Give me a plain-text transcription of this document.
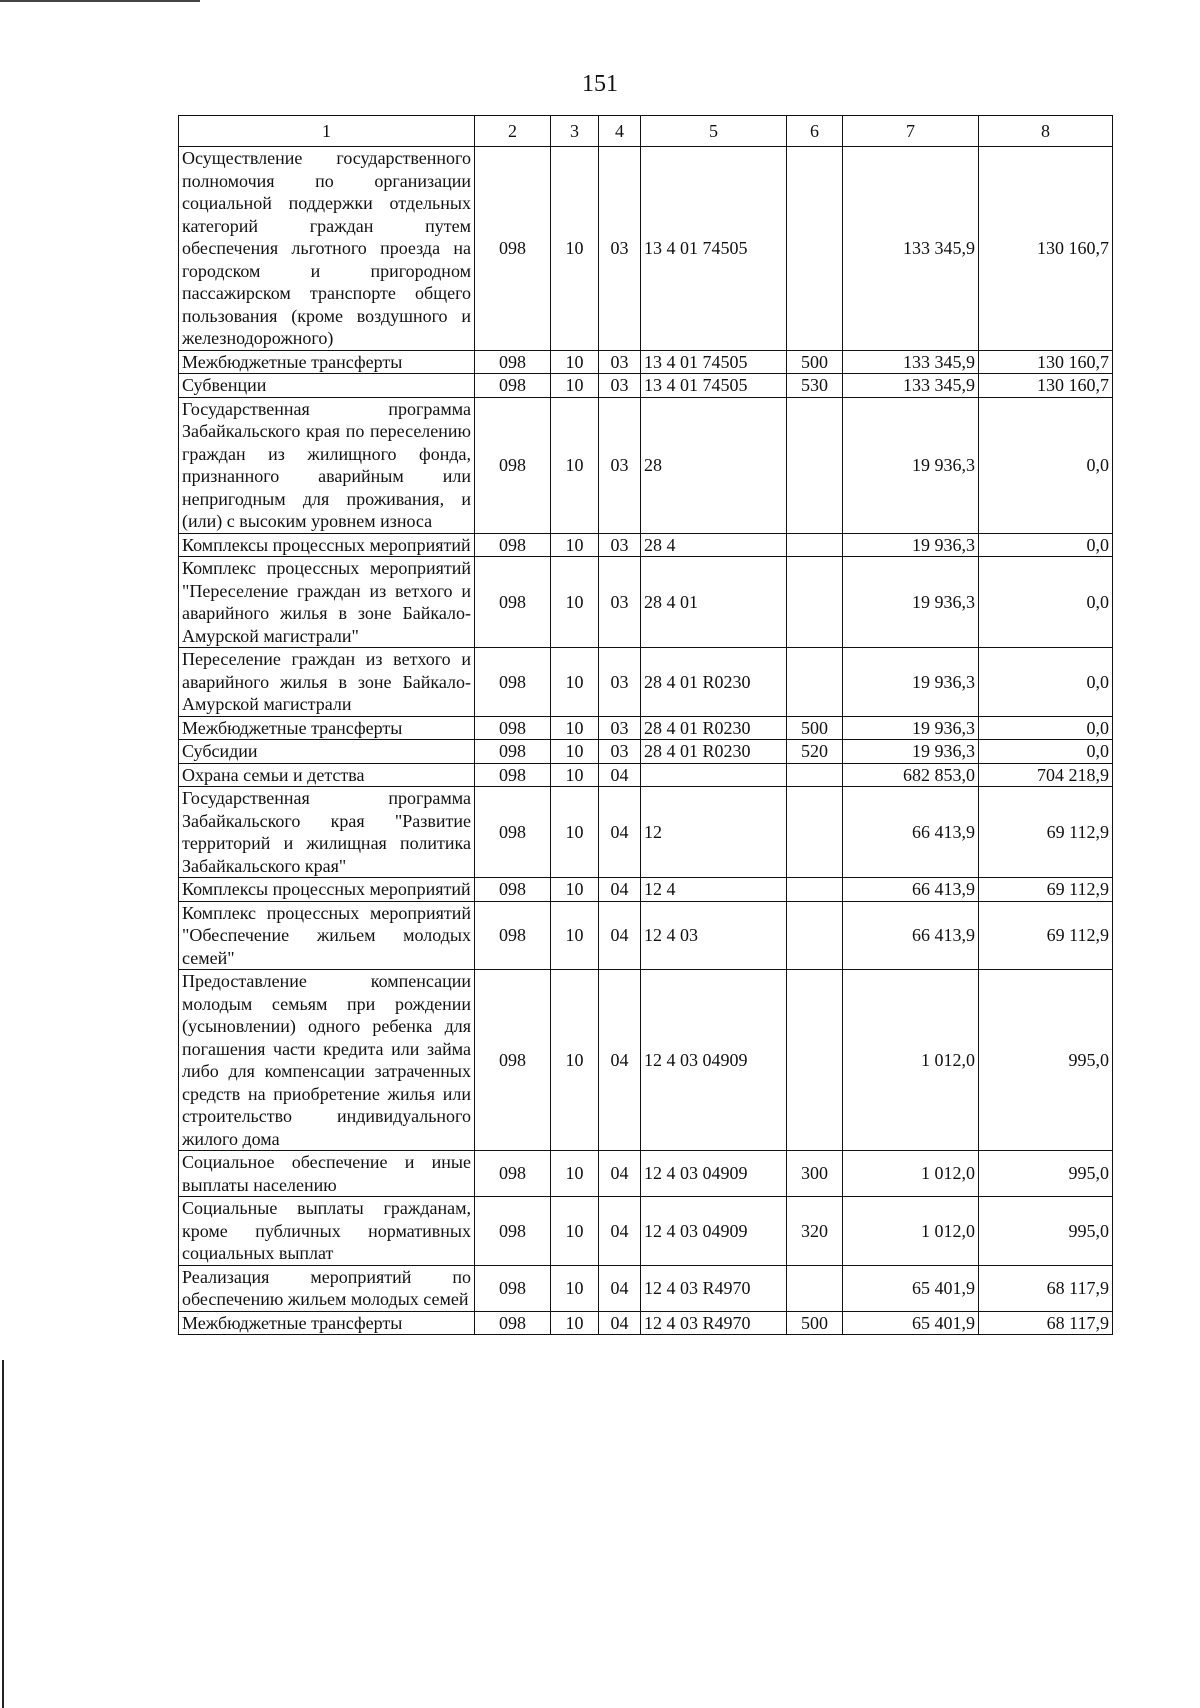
151
1	2	3	4	5	6	7	8
Осуществление государственного полномочия по организации социальной поддержки отдельных категорий граждан путем обеспечения льготного проезда на городском и пригородном пассажирском транспорте общего пользования (кроме воздушного и железнодорожного)	098	10	03	13 4 01 74505		133 345,9	130 160,7
Межбюджетные трансферты	098	10	03	13 4 01 74505	500	133 345,9	130 160,7
Субвенции	098	10	03	13 4 01 74505	530	133 345,9	130 160,7
Государственная программа Забайкальского края по переселению граждан из жилищного фонда, признанного аварийным или непригодным для проживания, и (или) с высоким уровнем износа	098	10	03	28		19 936,3	0,0
Комплексы процессных мероприятий	098	10	03	28 4		19 936,3	0,0
Комплекс процессных мероприятий "Переселение граждан из ветхого и аварийного жилья в зоне Байкало-Амурской магистрали"	098	10	03	28 4 01		19 936,3	0,0
Переселение граждан из ветхого и аварийного жилья в зоне Байкало-Амурской магистрали	098	10	03	28 4 01 R0230		19 936,3	0,0
Межбюджетные трансферты	098	10	03	28 4 01 R0230	500	19 936,3	0,0
Субсидии	098	10	03	28 4 01 R0230	520	19 936,3	0,0
Охрана семьи и детства	098	10	04			682 853,0	704 218,9
Государственная программа Забайкальского края "Развитие территорий и жилищная политика Забайкальского края"	098	10	04	12		66 413,9	69 112,9
Комплексы процессных мероприятий	098	10	04	12 4		66 413,9	69 112,9
Комплекс процессных мероприятий "Обеспечение жильем молодых семей"	098	10	04	12 4 03		66 413,9	69 112,9
Предоставление компенсации молодым семьям при рождении (усыновлении) одного ребенка для погашения части кредита или займа либо для компенсации затраченных средств на приобретение жилья или строительство индивидуального жилого дома	098	10	04	12 4 03 04909		1 012,0	995,0
Социальное обеспечение и иные выплаты населению	098	10	04	12 4 03 04909	300	1 012,0	995,0
Социальные выплаты гражданам, кроме публичных нормативных социальных выплат	098	10	04	12 4 03 04909	320	1 012,0	995,0
Реализация мероприятий по обеспечению жильем молодых семей	098	10	04	12 4 03 R4970		65 401,9	68 117,9
Межбюджетные трансферты	098	10	04	12 4 03 R4970	500	65 401,9	68 117,9
